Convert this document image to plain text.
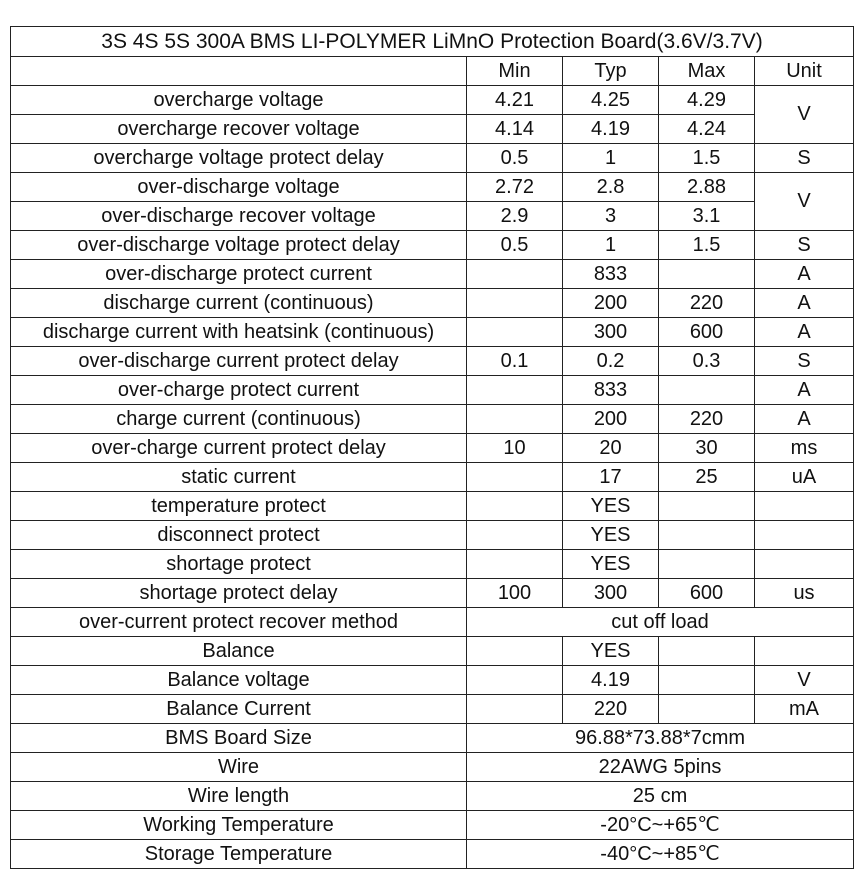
3S 4S 5S 300A BMS LI-POLYMER LiMnO Protection Board(3.6V/3.7V)				
	Min	Typ	Max	Unit
overcharge voltage	4.21	4.25	4.29	V
overcharge recover voltage	4.14	4.19	4.24	
overcharge voltage protect delay	0.5	1	1.5	S
over-discharge voltage	2.72	2.8	2.88	V
over-discharge recover voltage	2.9	3	3.1	
over-discharge voltage protect delay	0.5	1	1.5	S
over-discharge protect current		833		A
discharge current (continuous)		200	220	A
discharge current with heatsink (continuous)		300	600	A
over-discharge current protect delay	0.1	0.2	0.3	S
over-charge protect current		833		A
charge current (continuous)		200	220	A
over-charge current protect delay	10	20	30	ms
static current		17	25	uA
temperature protect		YES		
disconnect protect		YES		
shortage protect		YES		
shortage protect delay	100	300	600	us
over-current protect recover method	cut off load			
Balance		YES		
Balance voltage		4.19		V
Balance Current		220		mA
BMS Board Size	96.88*73.88*7cmm			
Wire	22AWG 5pins			
Wire length	25 cm			
Working Temperature	-20°C~+65℃			
Storage Temperature	-40°C~+85℃			
